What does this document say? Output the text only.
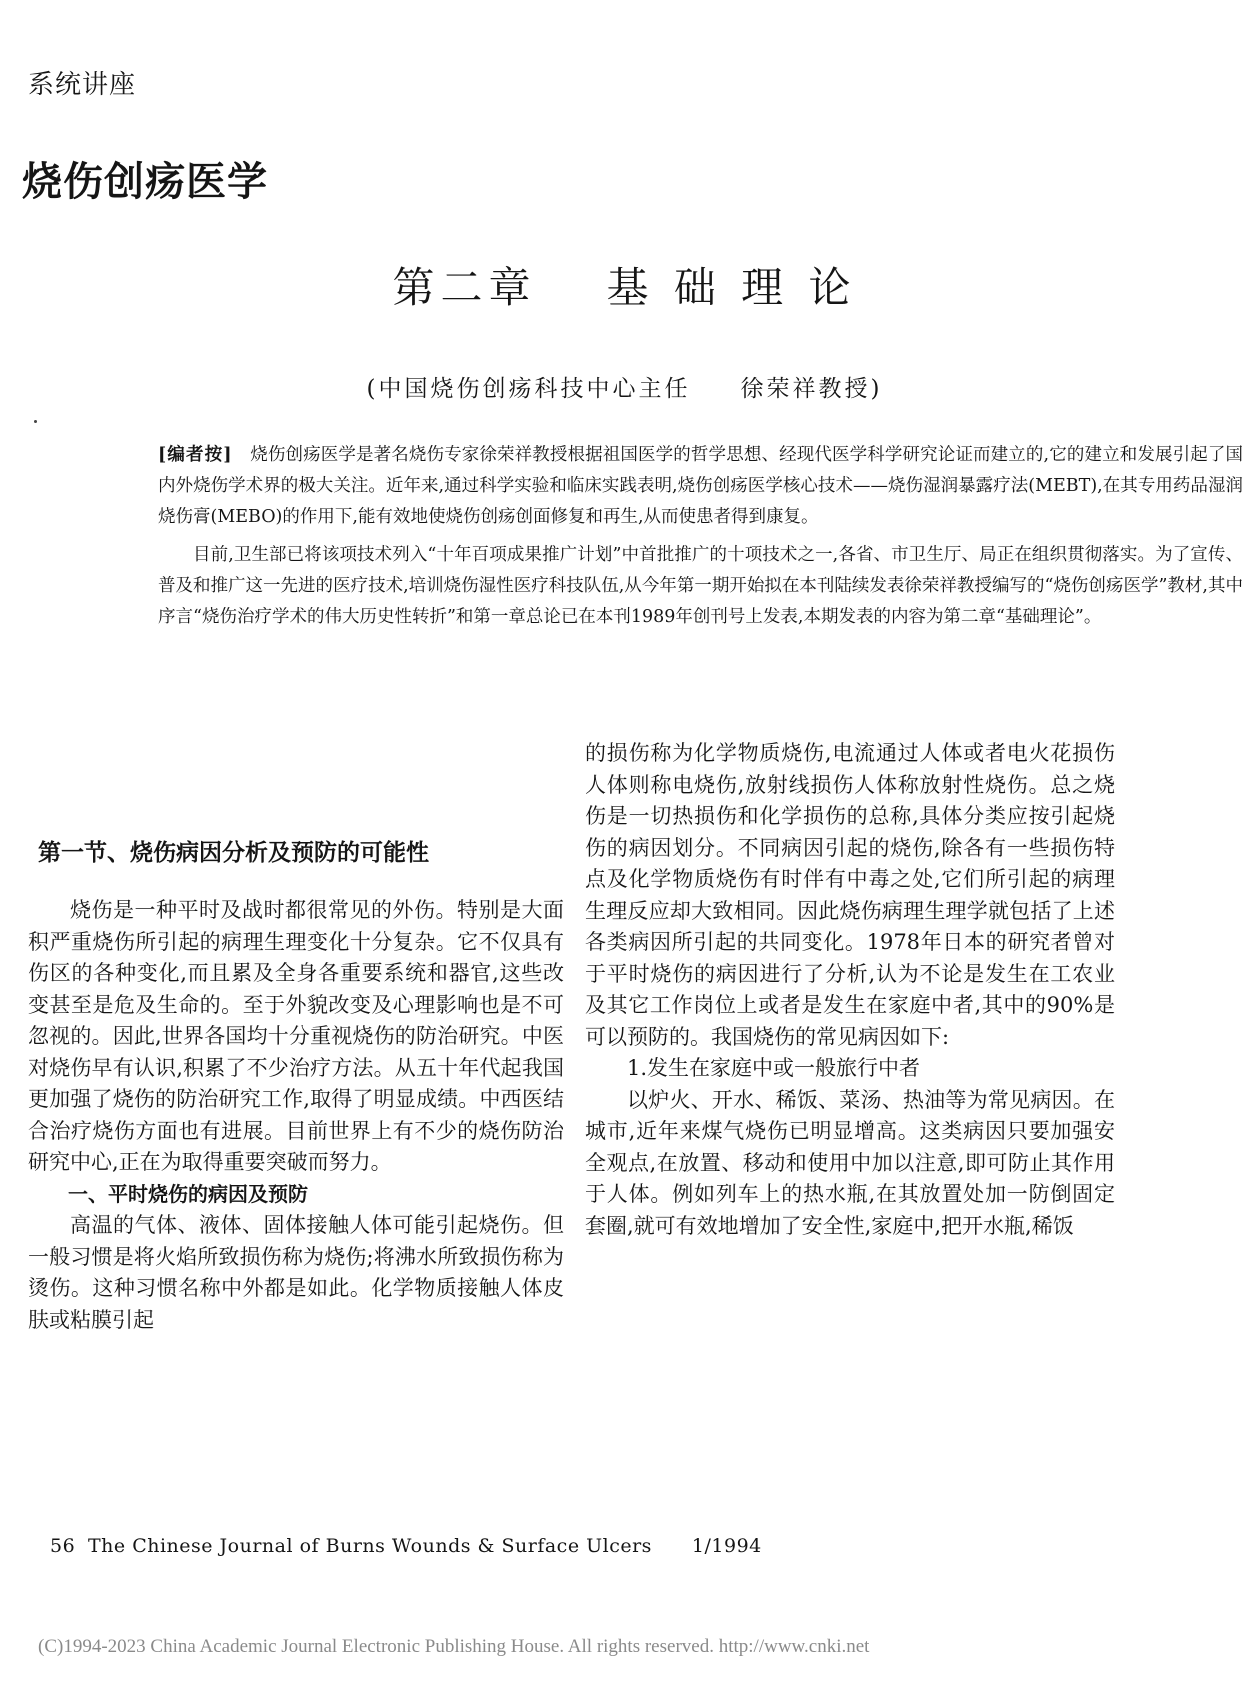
系统讲座
烧伤创疡医学
第二章 基 础 理 论
(中国烧伤创疡科技中心主任 徐荣祥教授)

[编者按]  烧伤创疡医学是著名烧伤专家徐荣祥教授根据祖国医学的哲学思想、经现代医学科学研究论证而建立的,它的建立和发展引起了国内外烧伤学术界的极大关注。近年来,通过科学实验和临床实践表明,烧伤创疡医学核心技术——烧伤湿润暴露疗法(MEBT),在其专用药品湿润烧伤膏(MEBO)的作用下,能有效地使烧伤创疡创面修复和再生,从而使患者得到康复。

目前,卫生部已将该项技术列入“十年百项成果推广计划”中首批推广的十项技术之一,各省、市卫生厅、局正在组织贯彻落实。为了宣传、普及和推广这一先进的医疗技术,培训烧伤湿性医疗科技队伍,从今年第一期开始拟在本刊陆续发表徐荣祥教授编写的“烧伤创疡医学”教材,其中序言“烧伤治疗学术的伟大历史性转折”和第一章总论已在本刊1989年创刊号上发表,本期发表的内容为第二章“基础理论”。

第一节、烧伤病因分析及预防的可能性

烧伤是一种平时及战时都很常见的外伤。特别是大面积严重烧伤所引起的病理生理变化十分复杂。它不仅具有伤区的各种变化,而且累及全身各重要系统和器官,这些改变甚至是危及生命的。至于外貌改变及心理影响也是不可忽视的。因此,世界各国均十分重视烧伤的防治研究。中医对烧伤早有认识,积累了不少治疗方法。从五十年代起我国更加强了烧伤的防治研究工作,取得了明显成绩。中西医结合治疗烧伤方面也有进展。目前世界上有不少的烧伤防治研究中心,正在为取得重要突破而努力。

一、平时烧伤的病因及预防

高温的气体、液体、固体接触人体可能引起烧伤。但一般习惯是将火焰所致损伤称为烧伤;将沸水所致损伤称为烫伤。这种习惯名称中外都是如此。化学物质接触人体皮肤或粘膜引起

的损伤称为化学物质烧伤,电流通过人体或者电火花损伤人体则称电烧伤,放射线损伤人体称放射性烧伤。总之烧伤是一切热损伤和化学损伤的总称,具体分类应按引起烧伤的病因划分。不同病因引起的烧伤,除各有一些损伤特点及化学物质烧伤有时伴有中毒之处,它们所引起的病理生理反应却大致相同。因此烧伤病理生理学就包括了上述各类病因所引起的共同变化。1978年日本的研究者曾对于平时烧伤的病因进行了分析,认为不论是发生在工农业及其它工作岗位上或者是发生在家庭中者,其中的90%是可以预防的。我国烧伤的常见病因如下:

1.发生在家庭中或一般旅行中者

以炉火、开水、稀饭、菜汤、热油等为常见病因。在城市,近年来煤气烧伤已明显增高。这类病因只要加强安全观点,在放置、移动和使用中加以注意,即可防止其作用于人体。例如列车上的热水瓶,在其放置处加一防倒固定套圈,就可有效地增加了安全性,家庭中,把开水瓶,稀饭

56 The Chinese Journal of Burns Wounds & Surface Ulcers 1/1994
(C)1994-2023 China Academic Journal Electronic Publishing House. All rights reserved. http://www.cnki.net
